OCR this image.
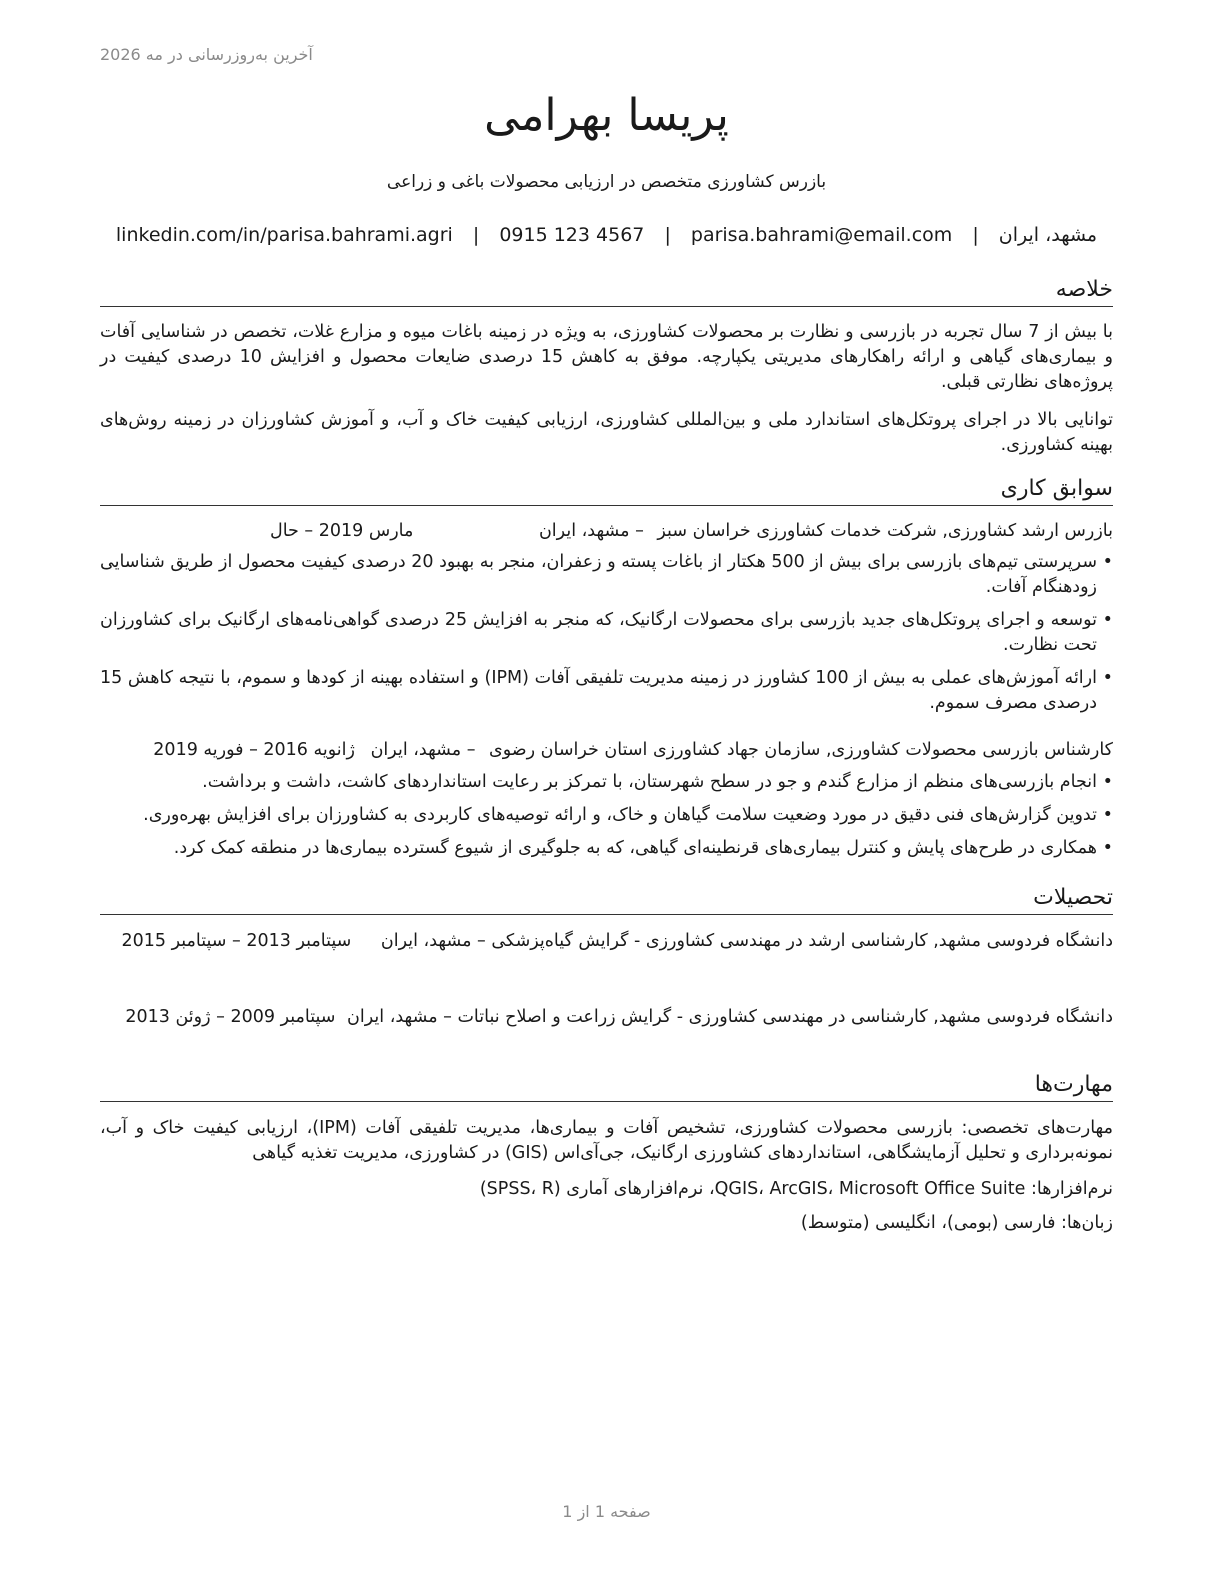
آخرین به‌روزرسانی در مه 2026
پریسا بهرامی
بازرس کشاورزی متخصص در ارزیابی محصولات باغی و زراعی
مشهد، ایران | parisa.bahrami@email.com | 0915 123 4567 | linkedin.com/in/parisa.bahrami.agri
خلاصه
با بیش از 7 سال تجربه در بازرسی و نظارت بر محصولات کشاورزی، به ویژه در زمینه باغات میوه و مزارع غلات، تخصص در شناسایی آفات و بیماری‌های گیاهی و ارائه راهکارهای مدیریتی یکپارچه. موفق به کاهش 15 درصدی ضایعات محصول و افزایش 10 درصدی کیفیت در پروژه‌های نظارتی قبلی.
توانایی بالا در اجرای پروتکل‌های استاندارد ملی و بین‌المللی کشاورزی، ارزیابی کیفیت خاک و آب، و آموزش کشاورزان در زمینه روش‌های بهینه کشاورزی.
سوابق کاری
بازرس ارشد کشاورزی, شرکت خدمات کشاورزی خراسان سبز – مشهد، ایران مارس 2019 – حال
• سرپرستی تیم‌های بازرسی برای بیش از 500 هکتار از باغات پسته و زعفران، منجر به بهبود 20 درصدی کیفیت محصول از طریق شناسایی زودهنگام آفات.
• توسعه و اجرای پروتکل‌های جدید بازرسی برای محصولات ارگانیک، که منجر به افزایش 25 درصدی گواهی‌نامه‌های ارگانیک برای کشاورزان تحت نظارت.
• ارائه آموزش‌های عملی به بیش از 100 کشاورز در زمینه مدیریت تلفیقی آفات (IPM) و استفاده بهینه از کودها و سموم، با نتیجه کاهش 15 درصدی مصرف سموم.
کارشناس بازرسی محصولات کشاورزی, سازمان جهاد کشاورزی استان خراسان رضوی – مشهد، ایران ژانویه 2016 – فوریه 2019
• انجام بازرسی‌های منظم از مزارع گندم و جو در سطح شهرستان، با تمرکز بر رعایت استانداردهای کاشت، داشت و برداشت.
• تدوین گزارش‌های فنی دقیق در مورد وضعیت سلامت گیاهان و خاک، و ارائه توصیه‌های کاربردی به کشاورزان برای افزایش بهره‌وری.
• همکاری در طرح‌های پایش و کنترل بیماری‌های قرنطینه‌ای گیاهی، که به جلوگیری از شیوع گسترده بیماری‌ها در منطقه کمک کرد.
تحصیلات
دانشگاه فردوسی مشهد, کارشناسی ارشد در مهندسی کشاورزی - گرایش گیاه‌پزشکی – مشهد، ایران سپتامبر 2013 – سپتامبر 2015
دانشگاه فردوسی مشهد, کارشناسی در مهندسی کشاورزی - گرایش زراعت و اصلاح نباتات – مشهد، ایران سپتامبر 2009 – ژوئن 2013
مهارت‌ها
مهارت‌های تخصصی: بازرسی محصولات کشاورزی، تشخیص آفات و بیماری‌ها، مدیریت تلفیقی آفات (IPM)، ارزیابی کیفیت خاک و آب، نمونه‌برداری و تحلیل آزمایشگاهی، استانداردهای کشاورزی ارگانیک، جی‌آی‌اس (GIS) در کشاورزی، مدیریت تغذیه گیاهی
نرم‌افزارها: QGIS، ArcGIS، Microsoft Office Suite، نرم‌افزارهای آماری (SPSS، R)
زبان‌ها: فارسی (بومی)، انگلیسی (متوسط)
صفحه 1 از 1
